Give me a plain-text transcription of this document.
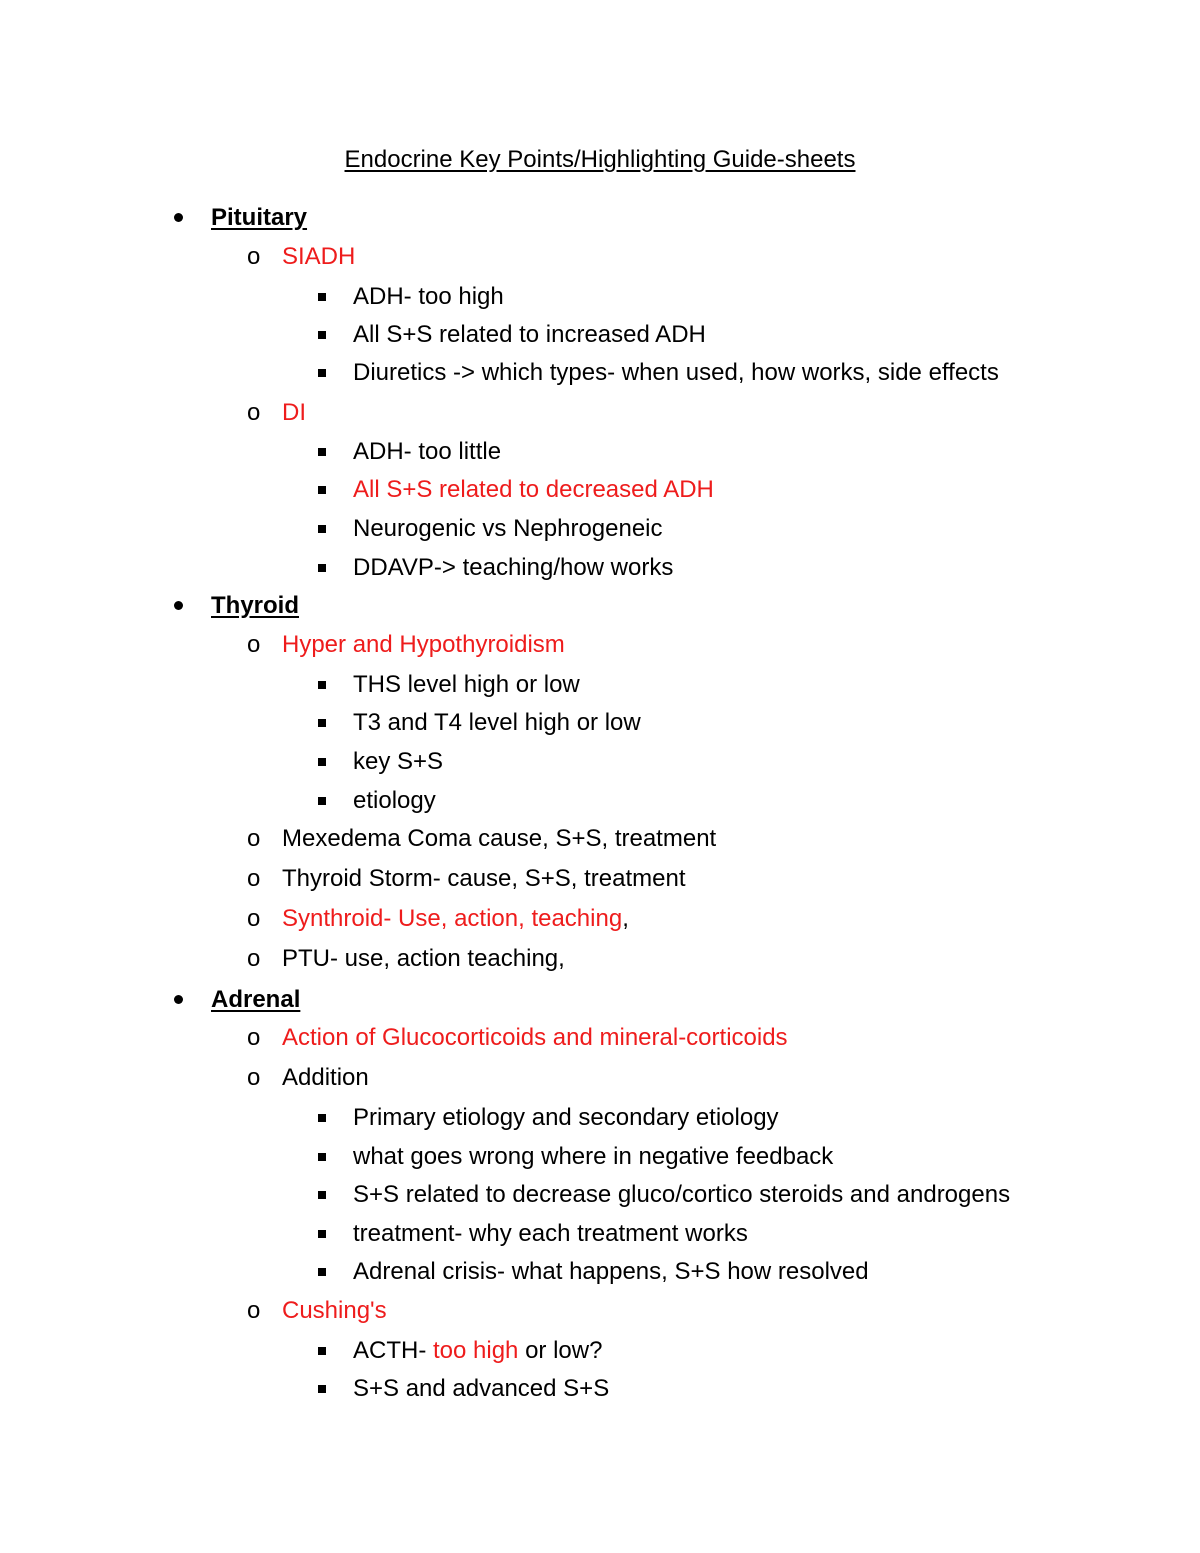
Endocrine Key Points/Highlighting Guide-sheets
Pituitary
o SIADH
ADH- too high
All S+S related to increased ADH
Diuretics -> which types- when used, how works, side effects
o DI
ADH- too little
All S+S related to decreased ADH
Neurogenic vs Nephrogeneic
DDAVP-> teaching/how works
Thyroid
o Hyper and Hypothyroidism
THS level high or low
T3 and T4 level high or low
key S+S
etiology
o Mexedema Coma cause, S+S, treatment
o Thyroid Storm- cause, S+S, treatment
o Synthroid- Use, action, teaching,
o PTU- use, action teaching,
Adrenal
o Action of Glucocorticoids and mineral-corticoids
o Addition
Primary etiology and secondary etiology
what goes wrong where in negative feedback
S+S related to decrease gluco/cortico steroids and androgens
treatment- why each treatment works
Adrenal crisis- what happens, S+S how resolved
o Cushing's
ACTH- too high or low?
S+S and advanced S+S
